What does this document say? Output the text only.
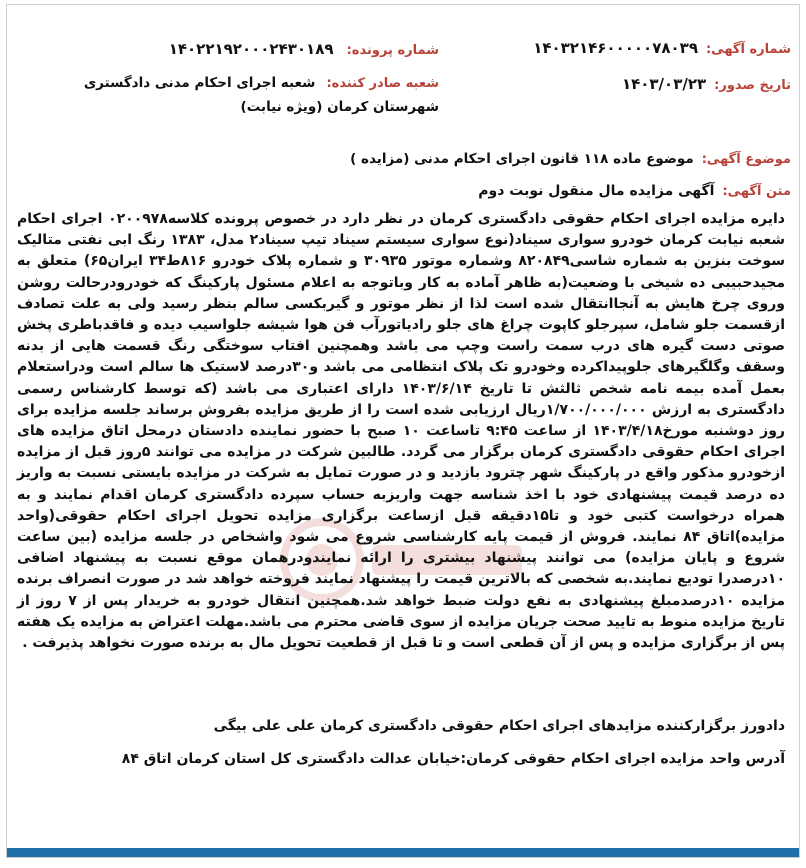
شماره آگهی:
۱۴۰۳۲۱۴۶۰۰۰۰۰۷۸۰۳۹
شماره پرونده: ۱۴۰۲۲۱۹۲۰۰۰۲۴۳۰۱۸۹
تاریخ صدور:
۱۴۰۳/۰۳/۲۳
شعبه صادر کننده: شعبه اجرای احکام مدنی دادگستری شهرستان کرمان (ویژه نیابت)
موضوع آگهی:
موضوع ماده ۱۱۸ قانون اجرای احکام مدنی (مزایده )
متن آگهی:
آگهی مزایده مال منقول نوبت دوم
دایره مزایده اجرای احکام حقوقی دادگستری کرمان در نظر دارد در خصوص پرونده کلاسه۰۲۰۰۹۷۸ اجرای احکام شعبه نیابت کرمان خودرو سواری سیناد(نوع سواری سیستم سیناد تیپ سیناد۲ مدل، ۱۳۸۳ رنگ ابی نفتی متالیک سوخت بنزین به شماره شاسی۸۲۰۸۴۹ وشماره موتور ۳۰۹۳۵ و شماره پلاک خودرو ۸۱۶ط۳۴ ایران۶۵) متعلق به مجیدحبیبی ده شیخی با وضعیت(به ظاهر آماده به کار وباتوجه به اعلام مسئول پارکینگ که خودرودرحالت روشن وروی چرخ هایش به آنجاانتقال شده است لذا از نظر موتور و گیربکسی سالم بنظر رسید ولی به علت تصادف ازقسمت جلو شامل، سپرجلو کاپوت چراغ های جلو رادیاتورآب فن هوا شیشه جلواسیب دیده و فاقدباطری پخش صوتی دست گیره های درب سمت راست وچپ می باشد وهمچنین افتاب سوختگی رنگ قسمت هایی از بدنه وسقف وگلگیرهای جلوپیداکرده وخودرو تک پلاک انتظامی می باشد و۳۰درصد لاستیک ها سالم است ودراستعلام بعمل آمده بیمه نامه شخص ثالثش تا تاریخ ۱۴۰۳/۶/۱۴ دارای اعتباری می باشد (که توسط کارشناس رسمی دادگستری به ارزش ۱/۷۰۰/۰۰۰/۰۰۰ریال ارزیابی شده است را از طریق مزایده بفروش برساند جلسه مزایده برای روز دوشنبه مورخ۱۴۰۳/۴/۱۸ از ساعت ۹:۴۵ تاساعت ۱۰ صبح با حضور نماینده دادستان درمحل اتاق مزایده های اجرای احکام حقوقی دادگستری کرمان برگزار می گردد. طالبین شرکت در مزایده می توانند ۵روز قبل از مزایده ازخودرو مذکور واقع در پارکینگ شهر چترود بازدید و در صورت تمایل به شرکت در مزایده بایستی نسبت به واریز ده درصد قیمت پیشنهادی خود با اخذ شناسه جهت واریزبه حساب سپرده دادگستری کرمان اقدام نمایند و به همراه درخواست کتبی خود و تا۱۵دقیقه قبل ازساعت برگزاری مزایده تحویل اجرای احکام حقوقی(واحد مزایده)اتاق ۸۴ نمایند. فروش از قیمت پایه کارشناسی شروع می شود واشخاص در جلسه مزایده (بین ساعت شروع و پایان مزایده) می توانند پیشنهاد بیشتری را ارائه نمایندودرهمان موقع نسبت به پیشنهاد اضافی ۱۰درصدرا تودیع نمایند.به شخصی که بالاترین قیمت را پیشنهاد نمایند فروخته خواهد شد در صورت انصراف برنده مزایده ۱۰درصدمبلغ پیشنهادی به نفع دولت ضبط خواهد شد.همچنین انتقال خودرو به خریدار پس از ۷ روز از تاریخ مزایده منوط به تایید صحت جریان مزایده از سوی قاضی محترم می باشد.مهلت اعتراض به مزایده یک هفته پس از برگزاری مزایده و پس از آن قطعی است و تا قبل از قطعیت تحویل مال به برنده صورت نخواهد پذیرفت .
دادورز برگزارکننده مزایدهای اجرای احکام حقوقی دادگستری کرمان علی علی بیگی
آدرس واحد مزایده اجرای احکام حقوقی کرمان:خیابان عدالت دادگستری کل استان کرمان اتاق ۸۴
